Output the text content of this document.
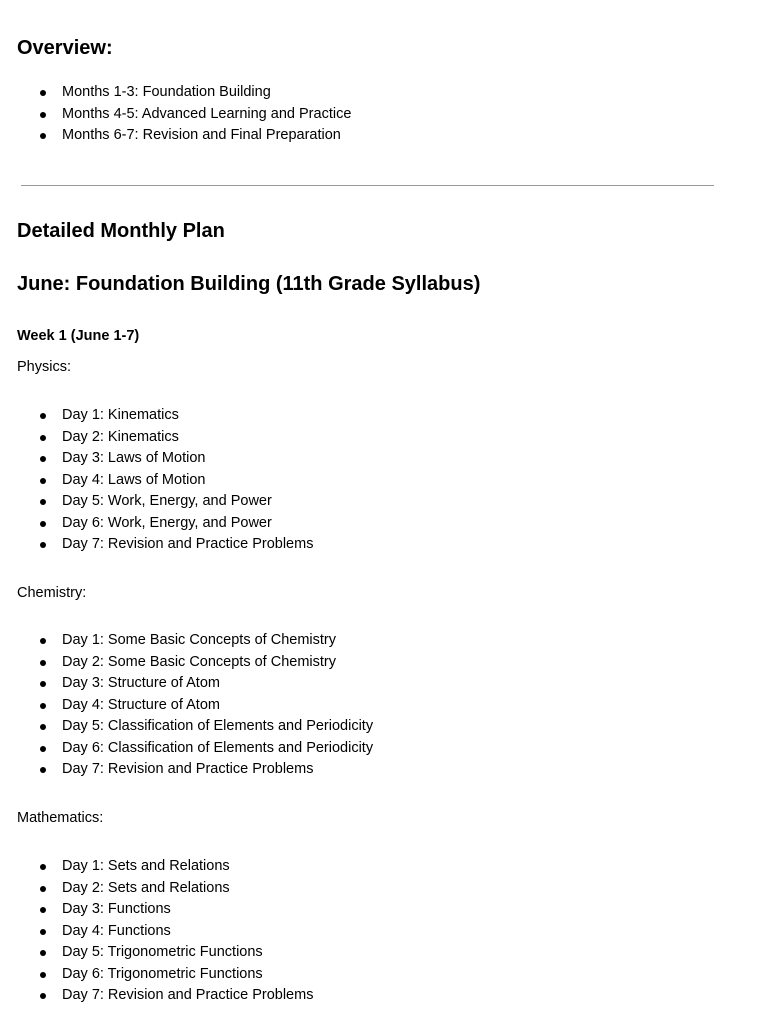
Overview:
Months 1-3: Foundation Building
Months 4-5: Advanced Learning and Practice
Months 6-7: Revision and Final Preparation
Detailed Monthly Plan
June: Foundation Building (11th Grade Syllabus)
Week 1 (June 1-7)

Physics:

Day 1: Kinematics
Day 2: Kinematics
Day 3: Laws of Motion
Day 4: Laws of Motion
Day 5: Work, Energy, and Power
Day 6: Work, Energy, and Power
Day 7: Revision and Practice Problems

Chemistry:

Day 1: Some Basic Concepts of Chemistry
Day 2: Some Basic Concepts of Chemistry
Day 3: Structure of Atom
Day 4: Structure of Atom
Day 5: Classification of Elements and Periodicity
Day 6: Classification of Elements and Periodicity
Day 7: Revision and Practice Problems

Mathematics:

Day 1: Sets and Relations
Day 2: Sets and Relations
Day 3: Functions
Day 4: Functions
Day 5: Trigonometric Functions
Day 6: Trigonometric Functions
Day 7: Revision and Practice Problems
